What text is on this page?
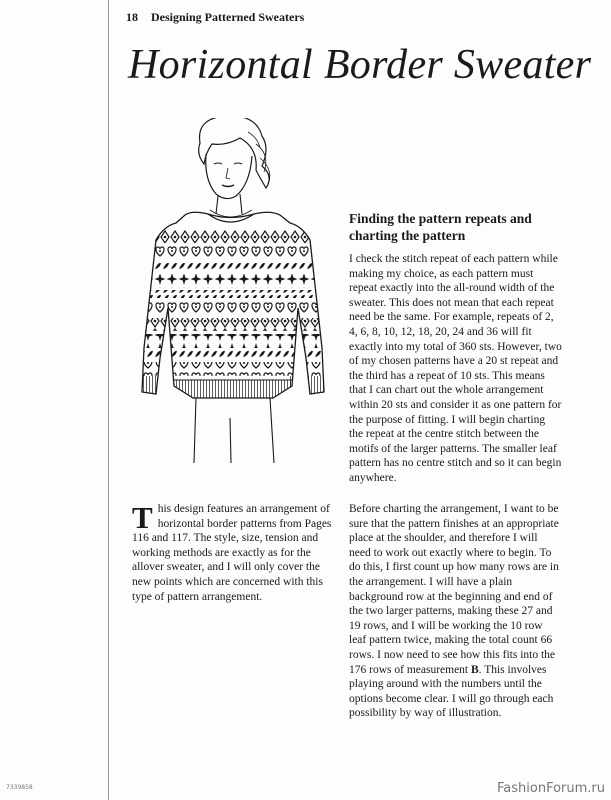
18 Designing Patterned Sweaters
Horizontal Border Sweater
This design features an arrangement of horizontal border patterns from Pages 116 and 117. The style, size, tension and working methods are exactly as for the allover sweater, and I will only cover the new points which are concerned with this type of pattern arrangement.
Finding the pattern repeats and charting the pattern
I check the stitch repeat of each pattern while making my choice, as each pattern must repeat exactly into the all-round width of the sweater. This does not mean that each repeat need be the same. For example, repeats of 2, 4, 6, 8, 10, 12, 18, 20, 24 and 36 will fit exactly into my total of 360 sts. However, two of my chosen patterns have a 20 st repeat and the third has a repeat of 10 sts. This means that I can chart out the whole arrangement within 20 sts and consider it as one pattern for the purpose of fitting. I will begin charting the repeat at the centre stitch between the motifs of the larger patterns. The smaller leaf pattern has no centre stitch and so it can begin anywhere.
Before charting the arrangement, I want to be sure that the pattern finishes at an appropriate place at the shoulder, and therefore I will need to work out exactly where to begin. To do this, I first count up how many rows are in the arrangement. I will have a plain background row at the beginning and end of the two larger patterns, making these 27 and 19 rows, and I will be working the 10 row leaf pattern twice, making the total count 66 rows. I now need to see how this fits into the 176 rows of measurement B. This involves playing around with the numbers until the options become clear. I will go through each possibility by way of illustration.
7339858	FashionForum.ru
